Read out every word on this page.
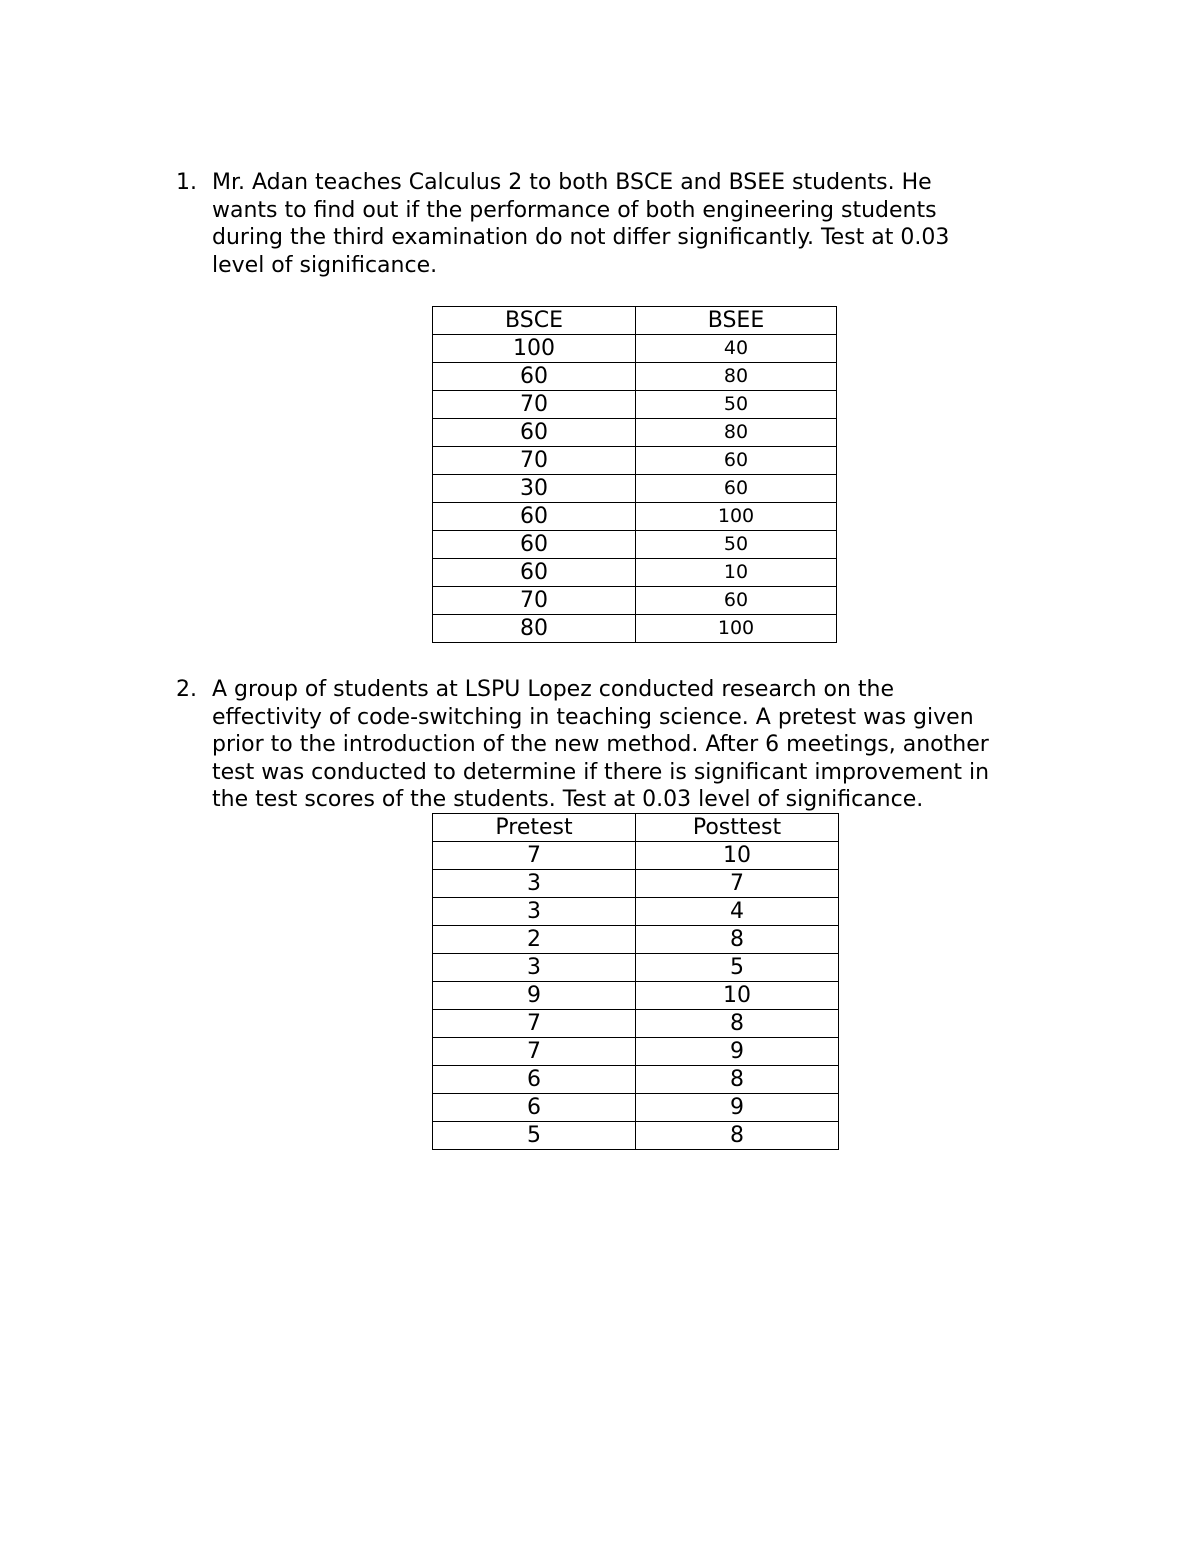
1. Mr. Adan teaches Calculus 2 to both BSCE and BSEE students. He
wants to find out if the performance of both engineering students
during the third examination do not differ significantly. Test at 0.03
level of significance.
BSCE	BSEE
100	40
60	80
70	50
60	80
70	60
30	60
60	100
60	50
60	10
70	60
80	100
2. A group of students at LSPU Lopez conducted research on the
effectivity of code-switching in teaching science. A pretest was given
prior to the introduction of the new method. After 6 meetings, another
test was conducted to determine if there is significant improvement in
the test scores of the students. Test at 0.03 level of significance.
Pretest	Posttest
7	10
3	7
3	4
2	8
3	5
9	10
7	8
7	9
6	8
6	9
5	8
